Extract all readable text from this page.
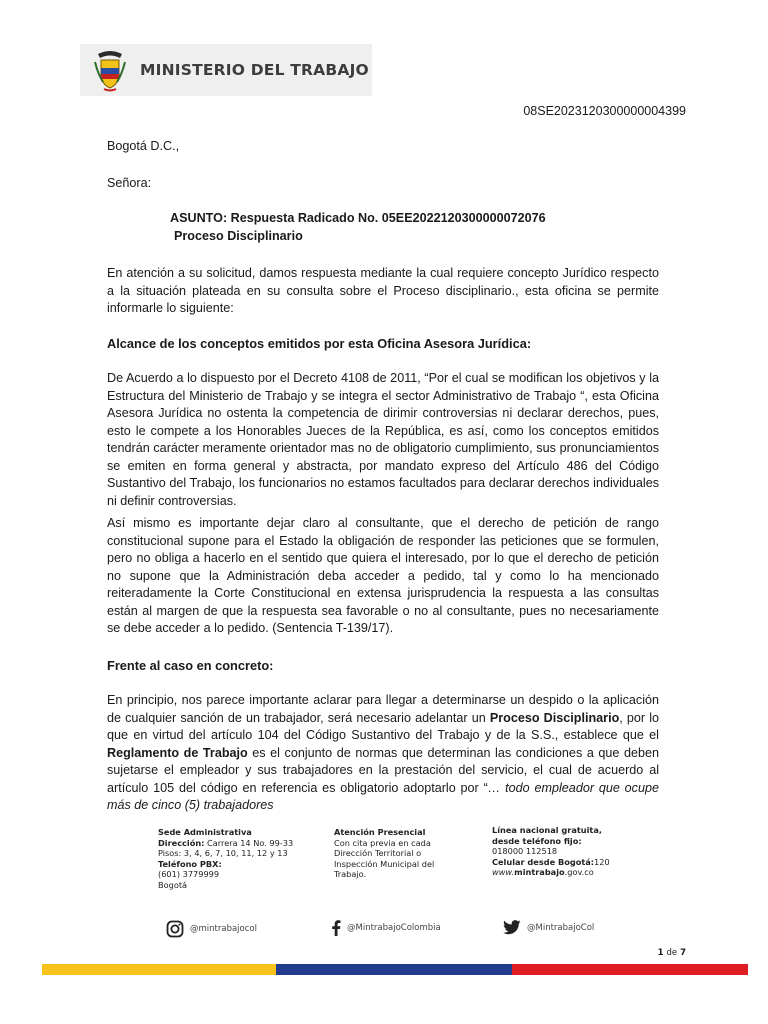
MINISTERIO DEL TRABAJO
08SE2023120300000004399
Bogotá D.C.,
Señora:
ASUNTO: Respuesta Radicado No. 05EE2022120300000072076
Proceso Disciplinario
En atención a su solicitud, damos respuesta mediante la cual requiere concepto Jurídico respecto a la situación plateada en su consulta sobre el Proceso disciplinario., esta oficina se permite informarle lo siguiente:
Alcance de los conceptos emitidos por esta Oficina Asesora Jurídica:
De Acuerdo a lo dispuesto por el Decreto 4108 de 2011, “Por el cual se modifican los objetivos y la Estructura del Ministerio de Trabajo y se integra el sector Administrativo de Trabajo “, esta Oficina Asesora Jurídica no ostenta la competencia de dirimir controversias ni declarar derechos, pues, esto le compete a los Honorables Jueces de la República, es así, como los conceptos emitidos tendrán carácter meramente orientador mas no de obligatorio cumplimiento, sus pronunciamientos se emiten en forma general y abstracta, por mandato expreso del Artículo 486 del Código Sustantivo del Trabajo, los funcionarios no estamos facultados para declarar derechos individuales ni definir controversias.
Así mismo es importante dejar claro al consultante, que el derecho de petición de rango constitucional supone para el Estado la obligación de responder las peticiones que se formulen, pero no obliga a hacerlo en el sentido que quiera el interesado, por lo que el derecho de petición no supone que la Administración deba acceder a pedido, tal y como lo ha mencionado reiteradamente la Corte Constitucional en extensa jurisprudencia la respuesta a las consultas están al margen de que la respuesta sea favorable o no al consultante, pues no necesariamente se debe acceder a lo pedido. (Sentencia T-139/17).
Frente al caso en concreto:
En principio, nos parece importante aclarar para llegar a determinarse un despido o la aplicación de cualquier sanción de un trabajador, será necesario adelantar un Proceso Disciplinario, por lo que en virtud del artículo 104 del Código Sustantivo del Trabajo y de la S.S., establece que el Reglamento de Trabajo es el conjunto de normas que determinan las condiciones a que deben sujetarse el empleador y sus trabajadores en la prestación del servicio, el cual de acuerdo al artículo 105 del código en referencia es obligatorio adoptarlo por “… todo empleador que ocupe más de cinco (5) trabajadores
Sede Administrativa
Dirección: Carrera 14 No. 99-33
Pisos: 3, 4, 6, 7, 10, 11, 12 y 13
Teléfono PBX:
(601) 3779999
Bogotá
Atención Presencial
Con cita previa en cada
Dirección Territorial o
Inspección Municipal del
Trabajo.
Línea nacional gratuita,
desde teléfono fijo:
018000 112518
Celular desde Bogotá:120
www.mintrabajo.gov.co
@mintrabajocol	@MintrabajoColombia	@MintrabajoCol
1 de 7
